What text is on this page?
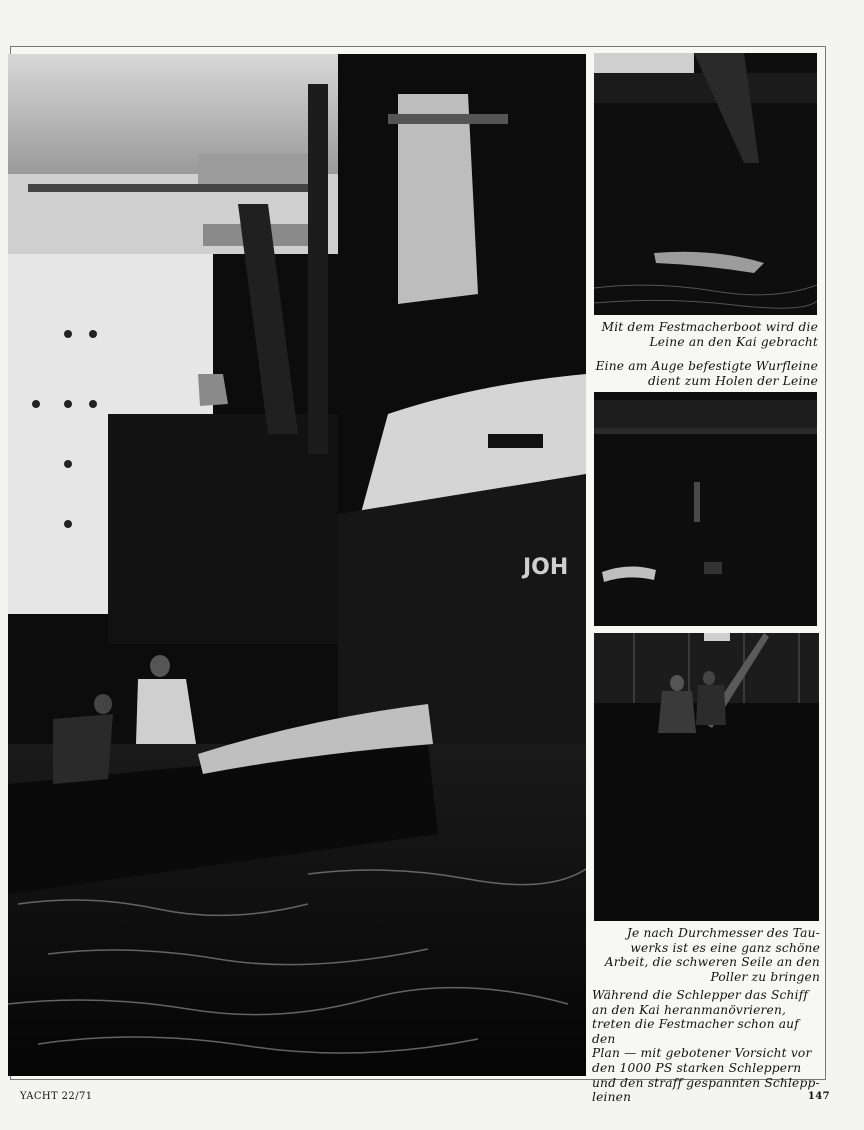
JOH
Mit dem Festmacherboot wird die
Leine an den Kai gebracht
Eine am Auge befestigte Wurfleine
dient zum Holen der Leine
Je nach Durchmesser des Tau-
werks ist es eine ganz schöne
Arbeit, die schweren Seile an den
Poller zu bringen
Während die Schlepper das Schiff
an den Kai heranmanövrieren,
treten die Festmacher schon auf den
Plan — mit gebotener Vorsicht vor
den 1000 PS starken Schleppern
und den straff gespannten Schlepp-
leinen
YACHT 22/71	147
